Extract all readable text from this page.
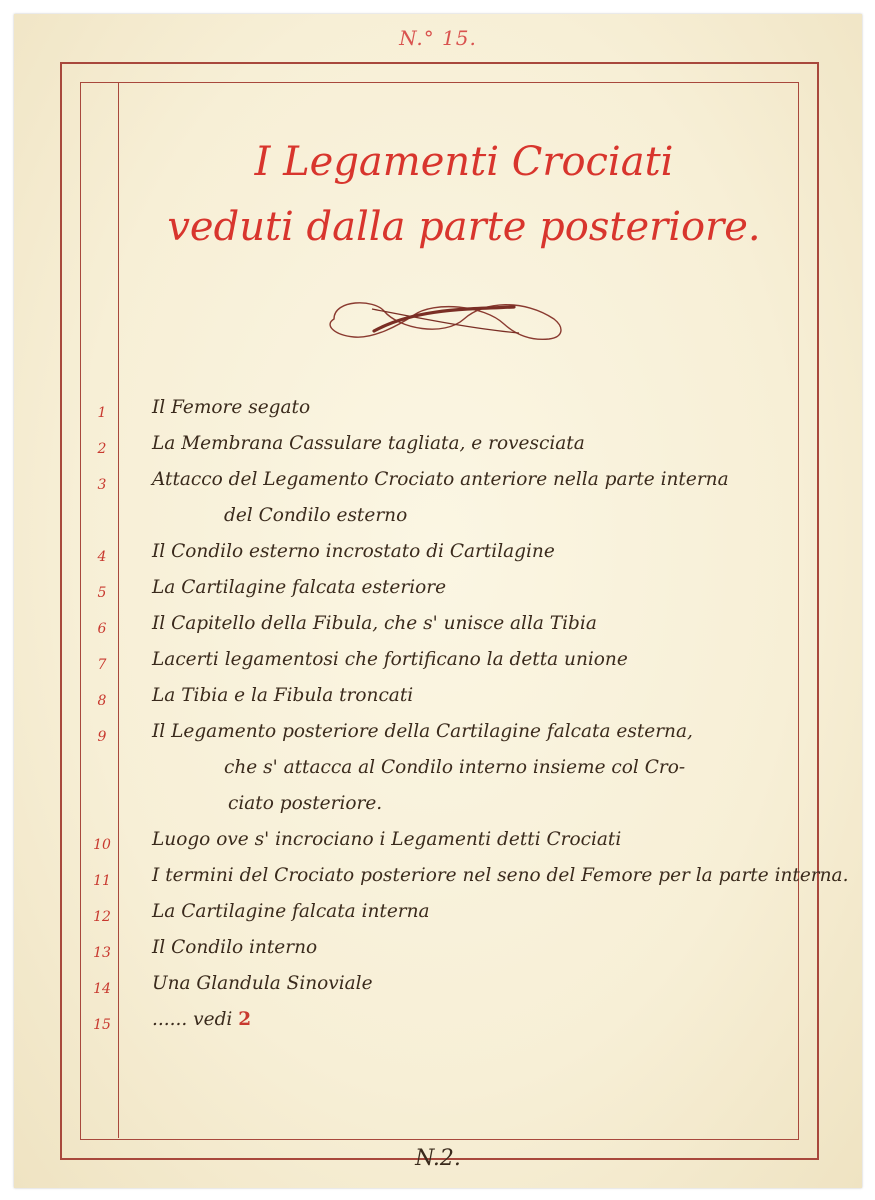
N.° 15.
I Legamenti Crociati
veduti dalla parte posteriore.
1	Il Femore segato
2	La Membrana Cassulare tagliata, e rovesciata
3	Attacco del Legamento Crociato anteriore nella parte interna
del Condilo esterno
4	Il Condilo esterno incrostato di Cartilagine
5	La Cartilagine falcata esteriore
6	Il Capitello della Fibula, che s' unisce alla Tibia
7	Lacerti legamentosi che fortificano la detta unione
8	La Tibia e la Fibula troncati
9	Il Legamento posteriore della Cartilagine falcata esterna,
che s' attacca al Condilo interno insieme col Cro-
ciato posteriore.
10	Luogo ove s' incrociano i Legamenti detti Crociati
11	I termini del Crociato posteriore nel seno del Femore per la parte interna.
12	La Cartilagine falcata interna
13	Il Condilo interno
14	Una Glandula Sinoviale
15	...... vedi 2
N.2.
